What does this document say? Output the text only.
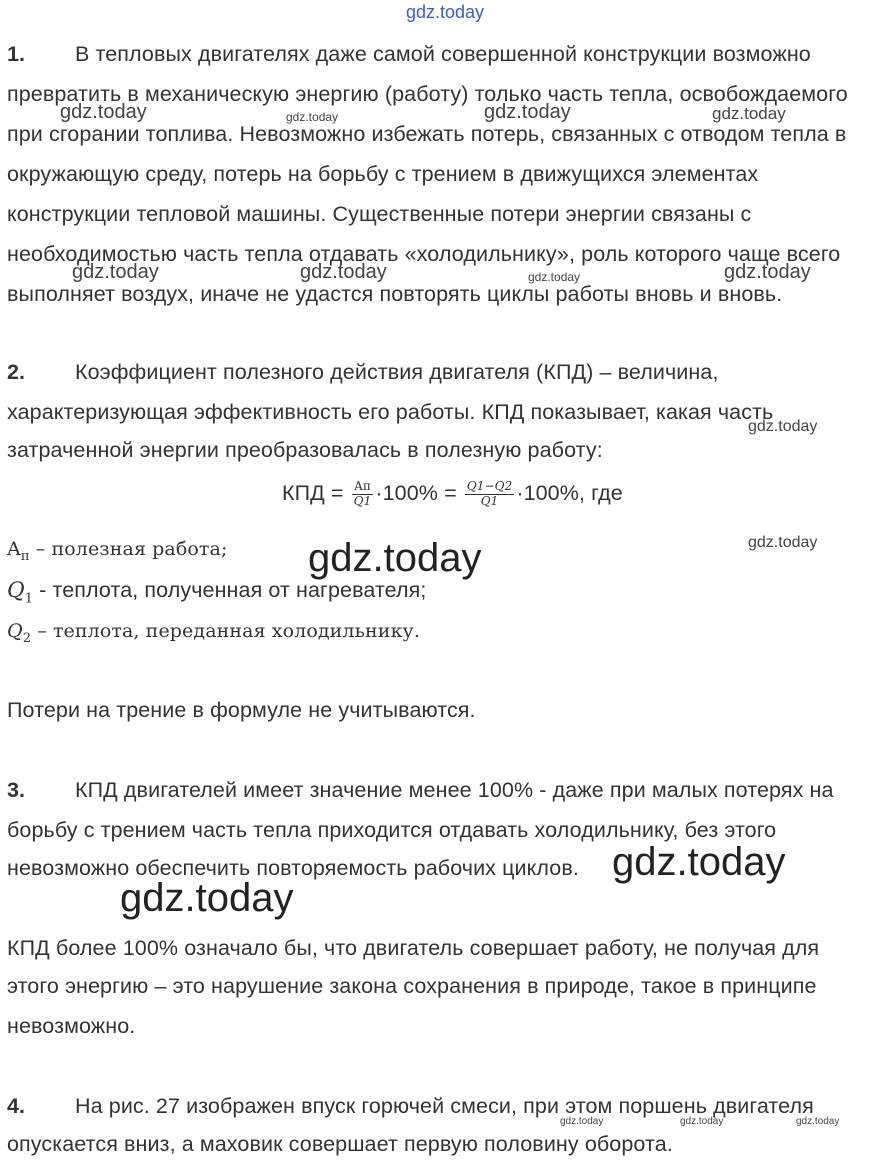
gdz.today
gdz.today	gdz.today	gdz.today	gdz.today
gdz.today	gdz.today	gdz.today	gdz.today
gdz.today
gdz.today
gdz.today
gdz.today
gdz.today
gdz.today	gdz.today	gdz.today
1. В тепловых двигателях даже самой совершенной конструкции возможно
превратить в механическую энергию (работу) только часть тепла, освобождаемого
при сгорании топлива. Невозможно избежать потерь, связанных с отводом тепла в
окружающую среду, потерь на борьбу с трением в движущихся элементах
конструкции тепловой машины. Существенные потери энергии связаны с
необходимостью часть тепла отдавать «холодильнику», роль которого чаще всего
выполняет воздух, иначе не удастся повторять циклы работы вновь и вновь.
2. Коэффициент полезного действия двигателя (КПД) – величина,
характеризующая эффективность его работы. КПД показывает, какая часть
затраченной энергии преобразовалась в полезную работу:
КПД = $\frac{Aп}{Q1} \cdot 100\% = \frac{Q1-Q2}{Q1} \cdot 100\%$, где
$A_п$ – полезная работа;
$Q_1$ - теплота, полученная от нагревателя;
$Q_2$ – теплота, переданная холодильнику.
Потери на трение в формуле не учитываются.
3. КПД двигателей имеет значение менее 100% - даже при малых потерях на
борьбу с трением часть тепла приходится отдавать холодильнику, без этого
невозможно обеспечить повторяемость рабочих циклов.
КПД более 100% означало бы, что двигатель совершает работу, не получая для
этого энергию – это нарушение закона сохранения в природе, такое в принципе
невозможно.
4. На рис. 27 изображен впуск горючей смеси, при этом поршень двигателя
опускается вниз, а маховик совершает первую половину оборота.
